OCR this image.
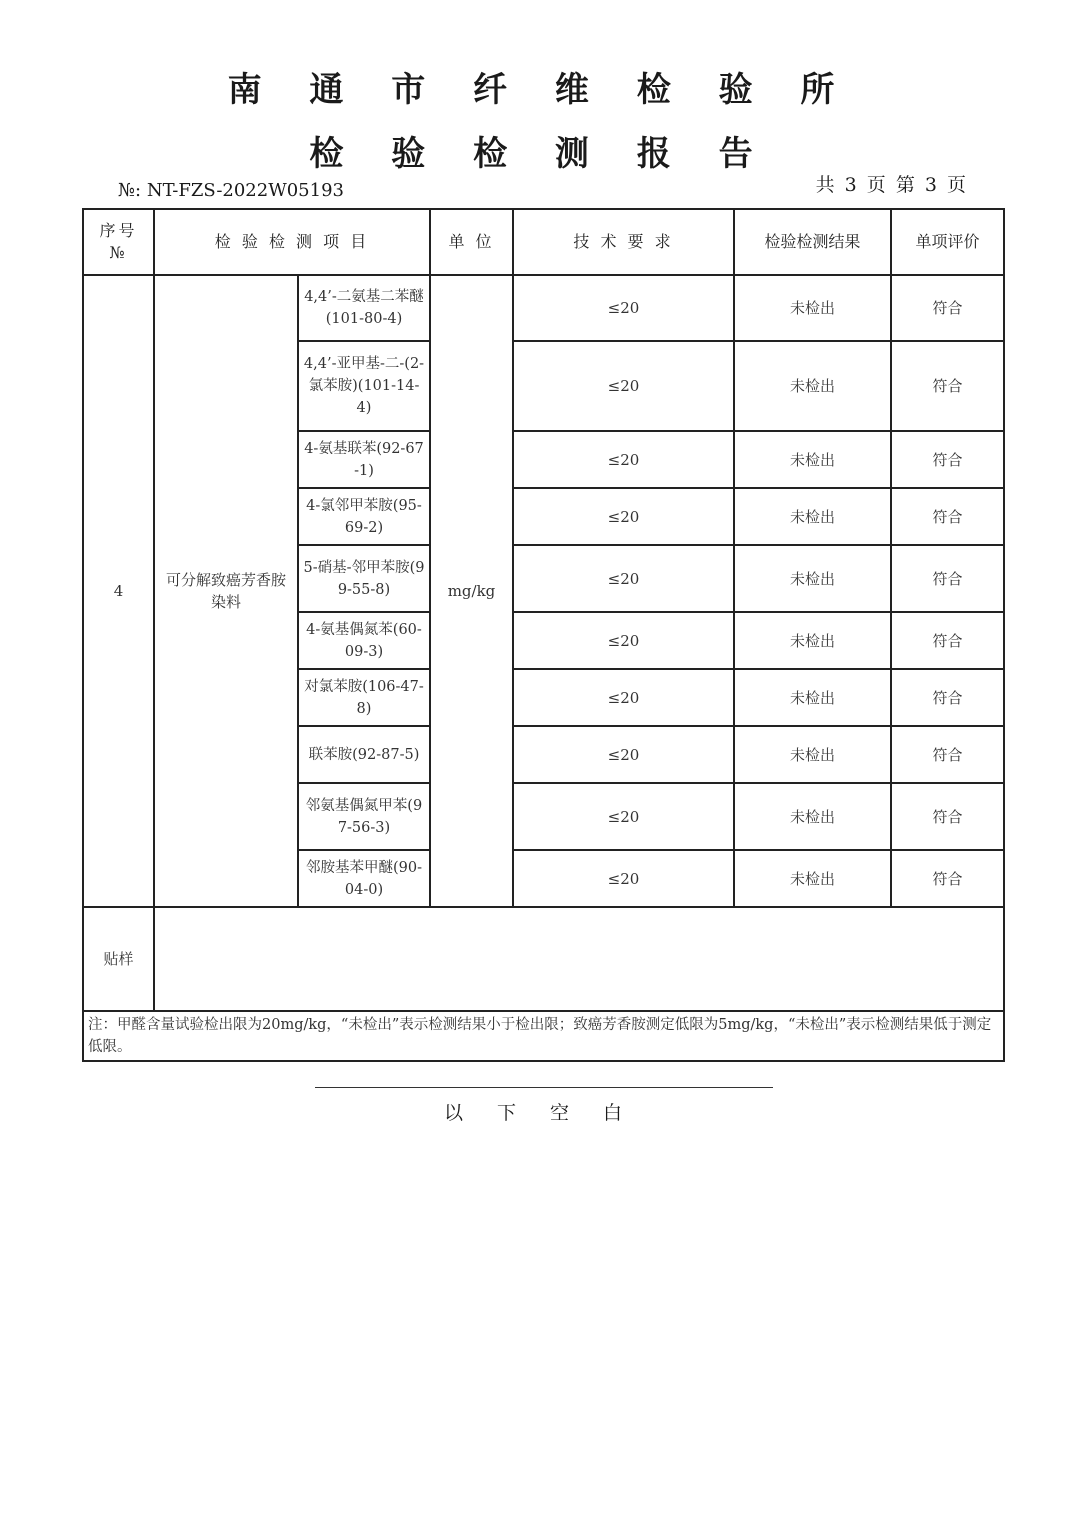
南 通 市 纤 维 检 验 所
检 验 检 测 报 告
№: NT-FZS-2022W05193	共 3 页 第 3 页
序号
№	检 验 检 测 项 目		单 位	技 术 要 求	检验检测结果	单项评价
4	可分解致癌芳香胺染料	4,4’-二氨基二苯醚(101-80-4)	mg/kg	≤20	未检出	符合
		4,4’-亚甲基-二-(2-氯苯胺)(101-14-4)		≤20	未检出	符合
		4-氨基联苯(92-67-1)		≤20	未检出	符合
		4-氯邻甲苯胺(95-69-2)		≤20	未检出	符合
		5-硝基-邻甲苯胺(99-55-8)		≤20	未检出	符合
		4-氨基偶氮苯(60-09-3)		≤20	未检出	符合
		对氯苯胺(106-47-8)		≤20	未检出	符合
		联苯胺(92-87-5)		≤20	未检出	符合
		邻氨基偶氮甲苯(97-56-3)		≤20	未检出	符合
		邻胺基苯甲醚(90-04-0)		≤20	未检出	符合
贴样						
注：甲醛含量试验检出限为20mg/kg，“未检出”表示检测结果小于检出限；致癌芳香胺测定低限为5mg/kg，“未检出”表示检测结果低于测定低限。						
以 下 空 白
